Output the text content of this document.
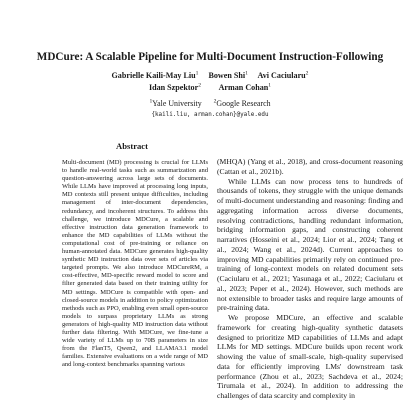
MDCure: A Scalable Pipeline for Multi-Document Instruction-Following
Gabrielle Kaili-May Liu$^1$ Bowen Shi$^1$ Avi Caciularu$^2$
Idan Szpektor$^2$ Arman Cohan$^1$
$^1$Yale University $^2$Google Research
{kaili.liu, arman.cohan}@yale.edu
Abstract

Multi-document (MD) processing is crucial for LLMs to handle real-world tasks such as summarization and question-answering across large sets of documents. While LLMs have improved at processing long inputs, MD contexts still present unique difficulties, including management of inter-document dependencies, redundancy, and incoherent structures. To address this challenge, we introduce MDCure, a scalable and effective instruction data generation framework to enhance the MD capabilities of LLMs without the computational cost of pre-training or reliance on human-annotated data. MDCure generates high-quality synthetic MD instruction data over sets of articles via targeted prompts. We also introduce MDCureRM, a cost-effective, MD-specific reward model to score and filter generated data based on their training utility for MD settings. MDCure is compatible with open- and closed-source models in addition to policy optimization methods such as PPO, enabling even small open-source models to surpass proprietary LLMs as strong generators of high-quality MD instruction data without further data filtering. With MDCure, we fine-tune a wide variety of LLMs up to 70B parameters in size from the FlanT5, Qwen2, and LLAMA3.1 model families. Extensive evaluations on a wide range of MD and long-context benchmarks spanning various

(MHQA) (Yang et al., 2018), and cross-document reasoning (Cattan et al., 2021b).

While LLMs can now process tens to hundreds of thousands of tokens, they struggle with the unique demands of multi-document understanding and reasoning: finding and aggregating information across diverse documents, resolving contradictions, handling redundant information, bridging information gaps, and constructing coherent narratives (Hosseini et al., 2024; Lior et al., 2024; Tang et al., 2024; Wang et al., 2024d). Current approaches to improving MD capabilities primarily rely on continued pre-training of long-context models on related document sets (Caciularu et al., 2021; Yasunaga et al., 2022; Caciularu et al., 2023; Peper et al., 2024). However, such methods are not extensible to broader tasks and require large amounts of pre-training data.

We propose MDCure, an effective and scalable framework for creating high-quality synthetic datasets designed to prioritize MD capabilities of LLMs and adapt LLMs for MD settings. MDCure builds upon recent work showing the value of small-scale, high-quality supervised data for efficiently improving LMs' downstream task performance (Zhou et al., 2023; Sachdeva et al., 2024; Tirumala et al., 2024). In addition to addressing the challenges of data scarcity and complexity in
